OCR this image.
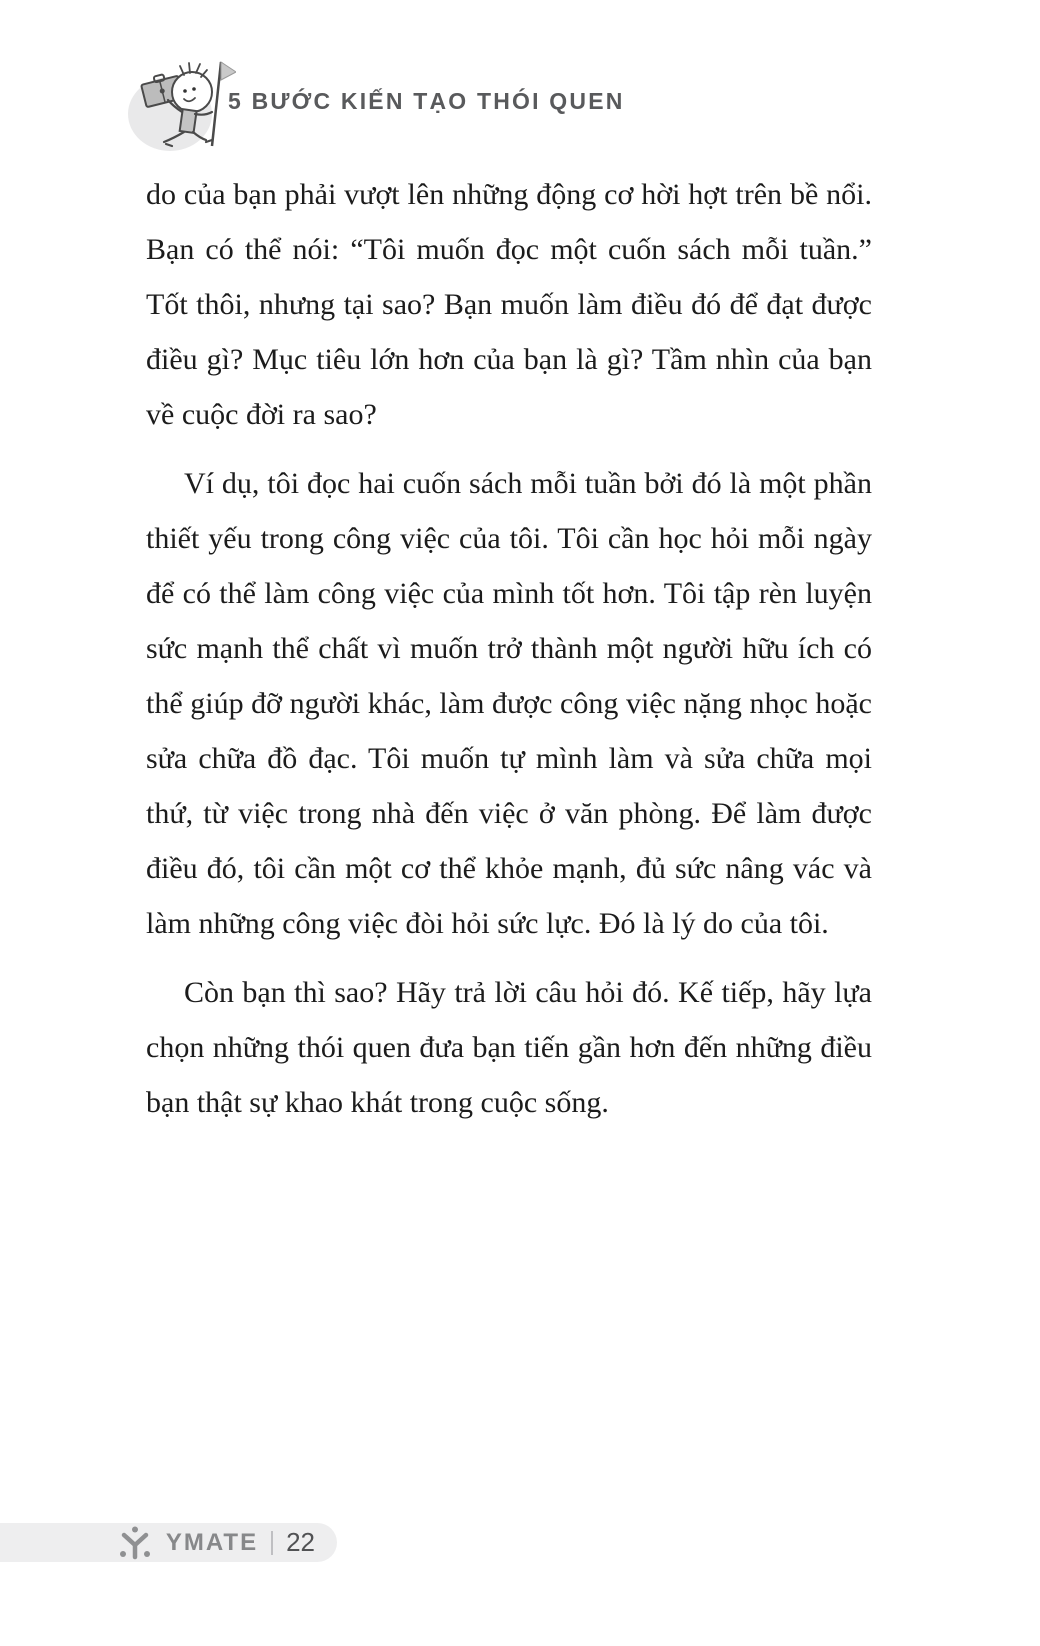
5 BƯỚC KIẾN TẠO THÓI QUEN

do của bạn phải vượt lên những động cơ hời hợt trên bề nổi. Bạn có thể nói: “Tôi muốn đọc một cuốn sách mỗi tuần.” Tốt thôi, nhưng tại sao? Bạn muốn làm điều đó để đạt được điều gì? Mục tiêu lớn hơn của bạn là gì? Tầm nhìn của bạn về cuộc đời ra sao?

Ví dụ, tôi đọc hai cuốn sách mỗi tuần bởi đó là một phần thiết yếu trong công việc của tôi. Tôi cần học hỏi mỗi ngày để có thể làm công việc của mình tốt hơn. Tôi tập rèn luyện sức mạnh thể chất vì muốn trở thành một người hữu ích có thể giúp đỡ người khác, làm được công việc nặng nhọc hoặc sửa chữa đồ đạc. Tôi muốn tự mình làm và sửa chữa mọi thứ, từ việc trong nhà đến việc ở văn phòng. Để làm được điều đó, tôi cần một cơ thể khỏe mạnh, đủ sức nâng vác và làm những công việc đòi hỏi sức lực. Đó là lý do của tôi.

Còn bạn thì sao? Hãy trả lời câu hỏi đó. Kế tiếp, hãy lựa chọn những thói quen đưa bạn tiến gần hơn đến những điều bạn thật sự khao khát trong cuộc sống.

YMATE 22
